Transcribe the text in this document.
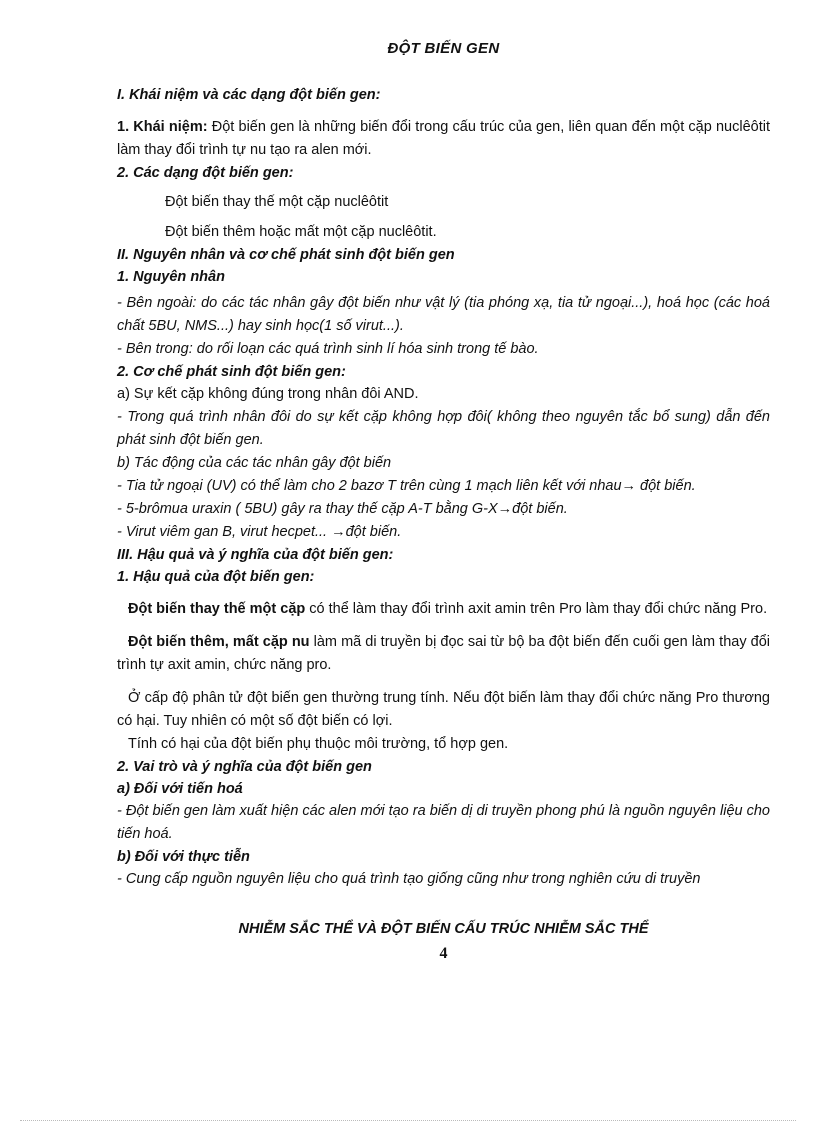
ĐỘT BIẾN GEN

I. Khái niệm và các dạng đột biến gen:

1. Khái niệm: Đột biến gen là những biến đổi trong cấu trúc của gen, liên quan đến một cặp nuclêôtit làm thay đổi trình tự nu tạo ra alen mới.

2. Các dạng đột biến gen:

Đột biến thay thế một cặp nuclêôtit

Đột biến thêm hoặc mất một cặp nuclêôtit.

II. Nguyên nhân và cơ chế phát sinh đột biến gen

1. Nguyên nhân

- Bên ngoài: do các tác nhân gây đột biến như vật lý (tia phóng xạ, tia tử ngoại...), hoá học (các hoá chất 5BU, NMS...) hay sinh học(1 số virut...).

- Bên trong: do rối loạn các quá trình sinh lí hóa sinh trong tế bào.

2. Cơ chế phát sinh đột biến gen:

a) Sự kết cặp không đúng trong nhân đôi AND.

- Trong quá trình nhân đôi do sự kết cặp không hợp đôi( không theo nguyên tắc bổ sung) dẫn đến phát sinh đột biến gen.

b) Tác động của các tác nhân gây đột biến

- Tia tử ngoại (UV) có thể làm cho 2 bazơ T trên cùng 1 mạch liên kết với nhau→ đột biến.

- 5-brômua uraxin ( 5BU) gây ra thay thế cặp A-T bằng G-X→đột biến.

- Virut viêm gan B, virut hecpet... →đột biến.

III. Hậu quả và ý nghĩa của đột biến gen:

1. Hậu quả của đột biến gen:

Đột biến thay thế một cặp có thể làm thay đổi trình axit amin trên Pro làm thay đổi chức năng Pro.

Đột biến thêm, mất cặp nu làm mã di truyền bị đọc sai từ bộ ba đột biến đến cuối gen làm thay đổi trình tự axit amin, chức năng pro.

Ở cấp độ phân tử đột biến gen thường trung tính. Nếu đột biến làm thay đổi chức năng Pro thương có hại. Tuy nhiên có một số đột biến có lợi.

Tính có hại của đột biến phụ thuộc môi trường, tổ hợp gen.

2. Vai trò và ý nghĩa của đột biến gen

a) Đối với tiến hoá

- Đột biến gen làm xuất hiện các alen mới tạo ra biến dị di truyền phong phú là nguồn nguyên liệu cho tiến hoá.

b) Đối với thực tiễn

- Cung cấp nguồn nguyên liệu cho quá trình tạo giống cũng như trong nghiên cứu di truyền

NHIỄM SẮC THỂ VÀ ĐỘT BIẾN CẤU TRÚC NHIỄM SẮC THỂ
4
